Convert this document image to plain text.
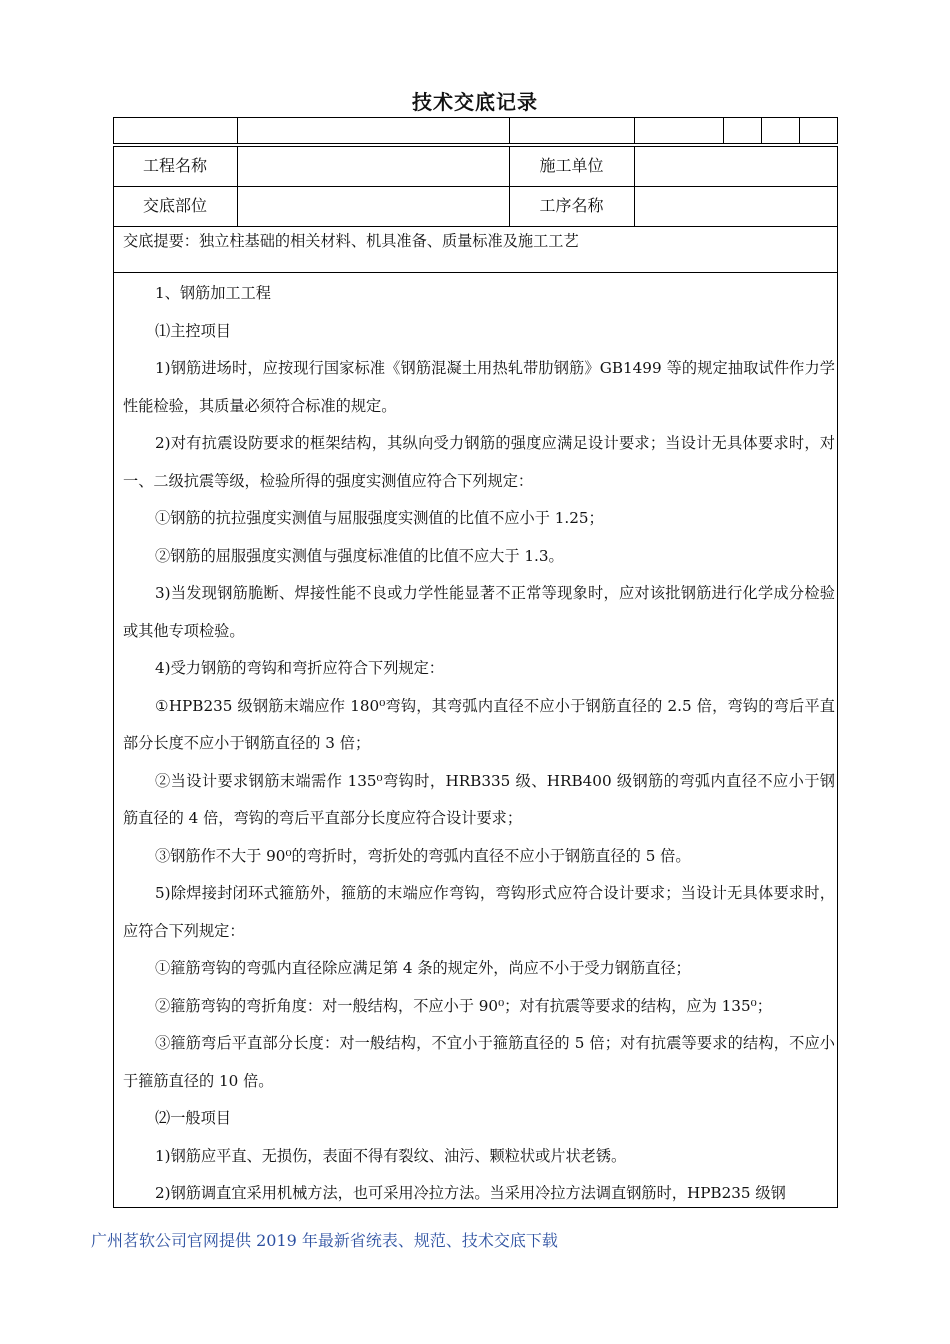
技术交底记录
工程名称	施工单位
交底部位	工序名称
交底提要：独立柱基础的相关材料、机具准备、质量标准及施工工艺

1、钢筋加工工程

⑴主控项目

1)钢筋进场时，应按现行国家标准《钢筋混凝土用热轧带肋钢筋》GB1499 等的规定抽取试件作力学性能检验，其质量必须符合标准的规定。

2)对有抗震设防要求的框架结构，其纵向受力钢筋的强度应满足设计要求；当设计无具体要求时，对一、二级抗震等级，检验所得的强度实测值应符合下列规定：

①钢筋的抗拉强度实测值与屈服强度实测值的比值不应小于 1.25；

②钢筋的屈服强度实测值与强度标准值的比值不应大于 1.3。

3)当发现钢筋脆断、焊接性能不良或力学性能显著不正常等现象时，应对该批钢筋进行化学成分检验或其他专项检验。

4)受力钢筋的弯钩和弯折应符合下列规定：

①HPB235 级钢筋末端应作 180⁰弯钩，其弯弧内直径不应小于钢筋直径的 2.5 倍，弯钩的弯后平直部分长度不应小于钢筋直径的 3 倍；

②当设计要求钢筋末端需作 135⁰弯钩时，HRB335 级、HRB400 级钢筋的弯弧内直径不应小于钢筋直径的 4 倍，弯钩的弯后平直部分长度应符合设计要求；

③钢筋作不大于 90⁰的弯折时，弯折处的弯弧内直径不应小于钢筋直径的 5 倍。

5)除焊接封闭环式箍筋外，箍筋的末端应作弯钩，弯钩形式应符合设计要求；当设计无具体要求时，应符合下列规定：

①箍筋弯钩的弯弧内直径除应满足第 4 条的规定外，尚应不小于受力钢筋直径；

②箍筋弯钩的弯折角度：对一般结构，不应小于 90⁰；对有抗震等要求的结构，应为 135⁰；

③箍筋弯后平直部分长度：对一般结构，不宜小于箍筋直径的 5 倍；对有抗震等要求的结构，不应小于箍筋直径的 10 倍。

⑵一般项目

1)钢筋应平直、无损伤，表面不得有裂纹、油污、颗粒状或片状老锈。

2)钢筋调直宜采用机械方法，也可采用冷拉方法。当采用冷拉方法调直钢筋时，HPB235 级钢

广州茗软公司官网提供 2019 年最新省统表、规范、技术交底下载
